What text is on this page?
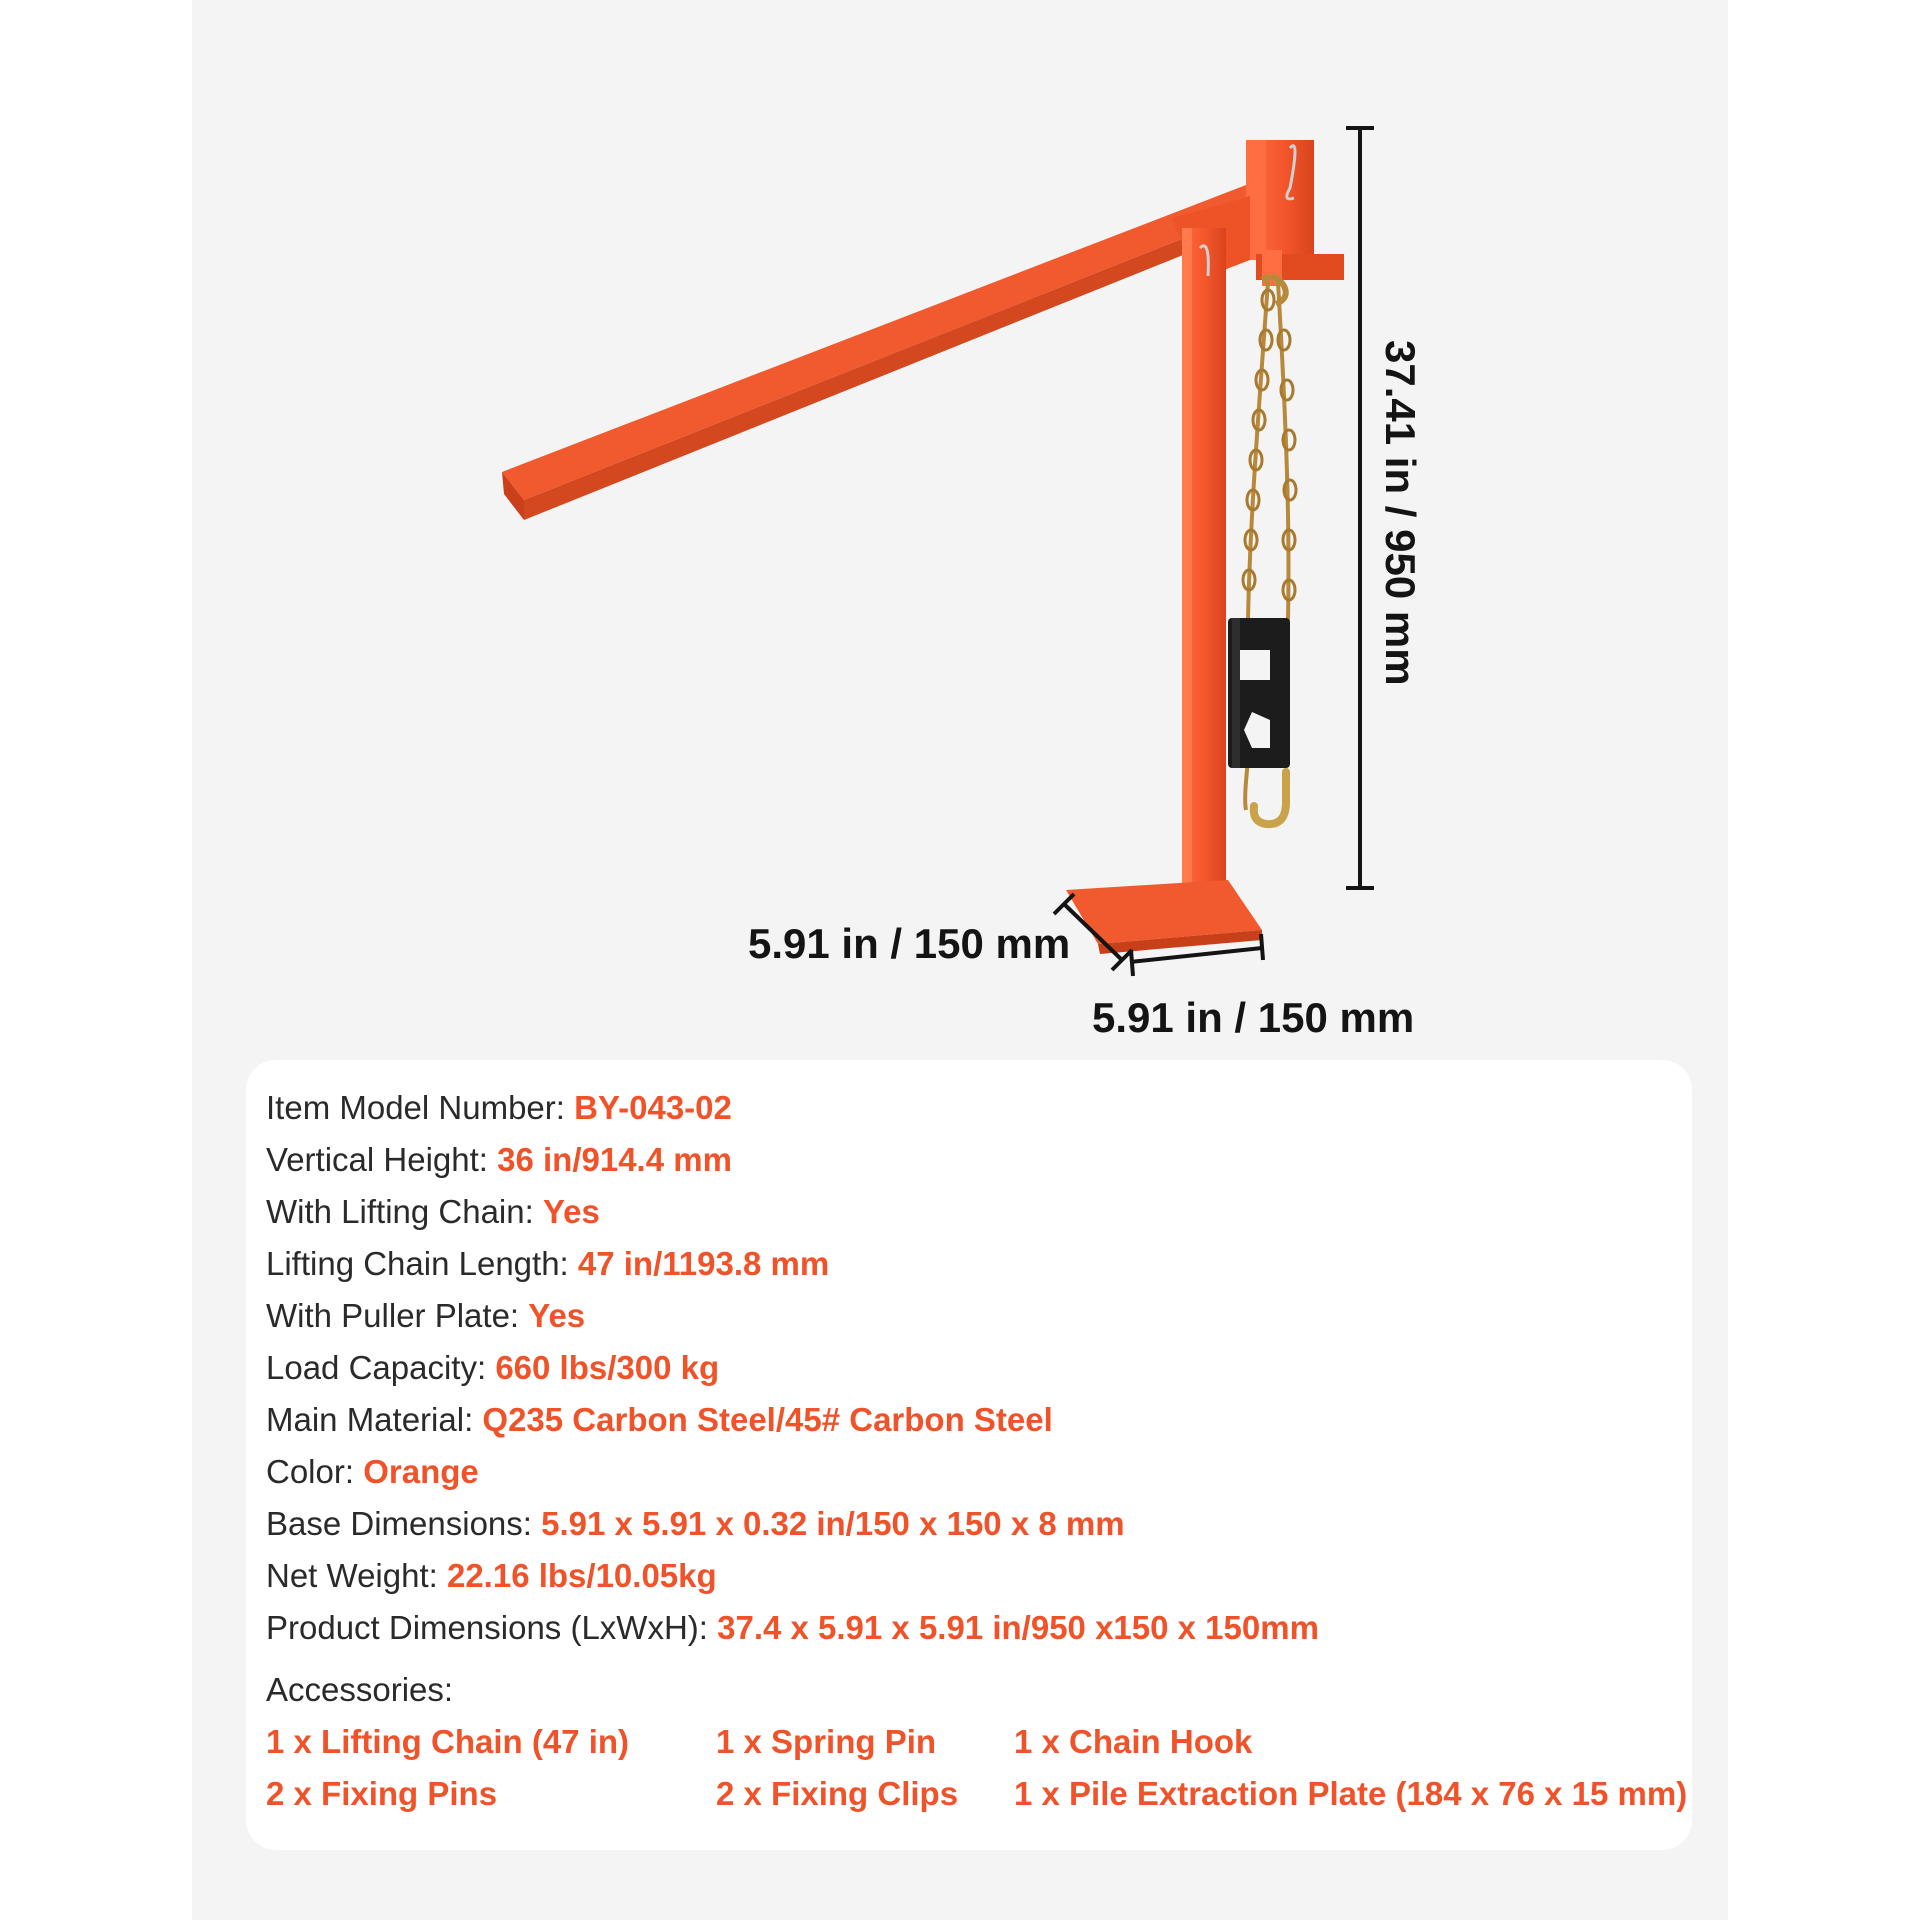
37.41 in / 950 mm
5.91 in / 150 mm
5.91 in / 150 mm
Item Model Number: BY-043-02
Vertical Height: 36 in/914.4 mm
With Lifting Chain: Yes
Lifting Chain Length: 47 in/1193.8 mm
With Puller Plate: Yes
Load Capacity: 660 lbs/300 kg
Main Material: Q235 Carbon Steel/45# Carbon Steel
Color: Orange
Base Dimensions: 5.91 x 5.91 x 0.32 in/150 x 150 x 8 mm
Net Weight: 22.16 lbs/10.05kg
Product Dimensions (LxWxH): 37.4 x 5.91 x 5.91 in/950 x150 x 150mm
Accessories:
1 x Lifting Chain (47 in)	1 x Spring Pin 1 x Chain Hook
2 x Fixing Pins	2 x Fixing Clips 1 x Pile Extraction Plate (184 x 76 x 15 mm)
